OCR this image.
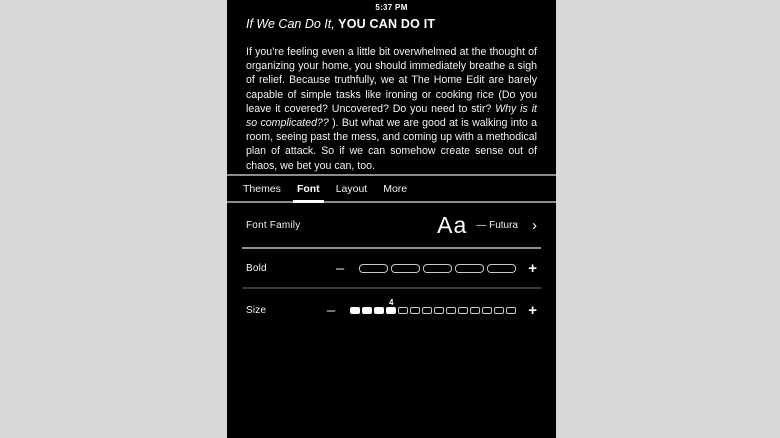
5:37 PM
If We Can Do It, YOU CAN DO IT
If you’re feeling even a little bit overwhelmed at the thought of organizing your home, you should immediately breathe a sigh of relief. Because truthfully, we at The Home Edit are barely capable of simple tasks like ironing or cooking rice (Do you leave it covered? Uncovered? Do you need to stir? Why is it so complicated?? ). But what we are good at is walking into a room, seeing past the mess, and coming up with a methodical plan of attack. So if we can somehow create sense out of chaos, we bet you can, too.
Themes Font Layout More
Font Family	Aa — Futura ›
Bold	–	+
Size	–	4	+
